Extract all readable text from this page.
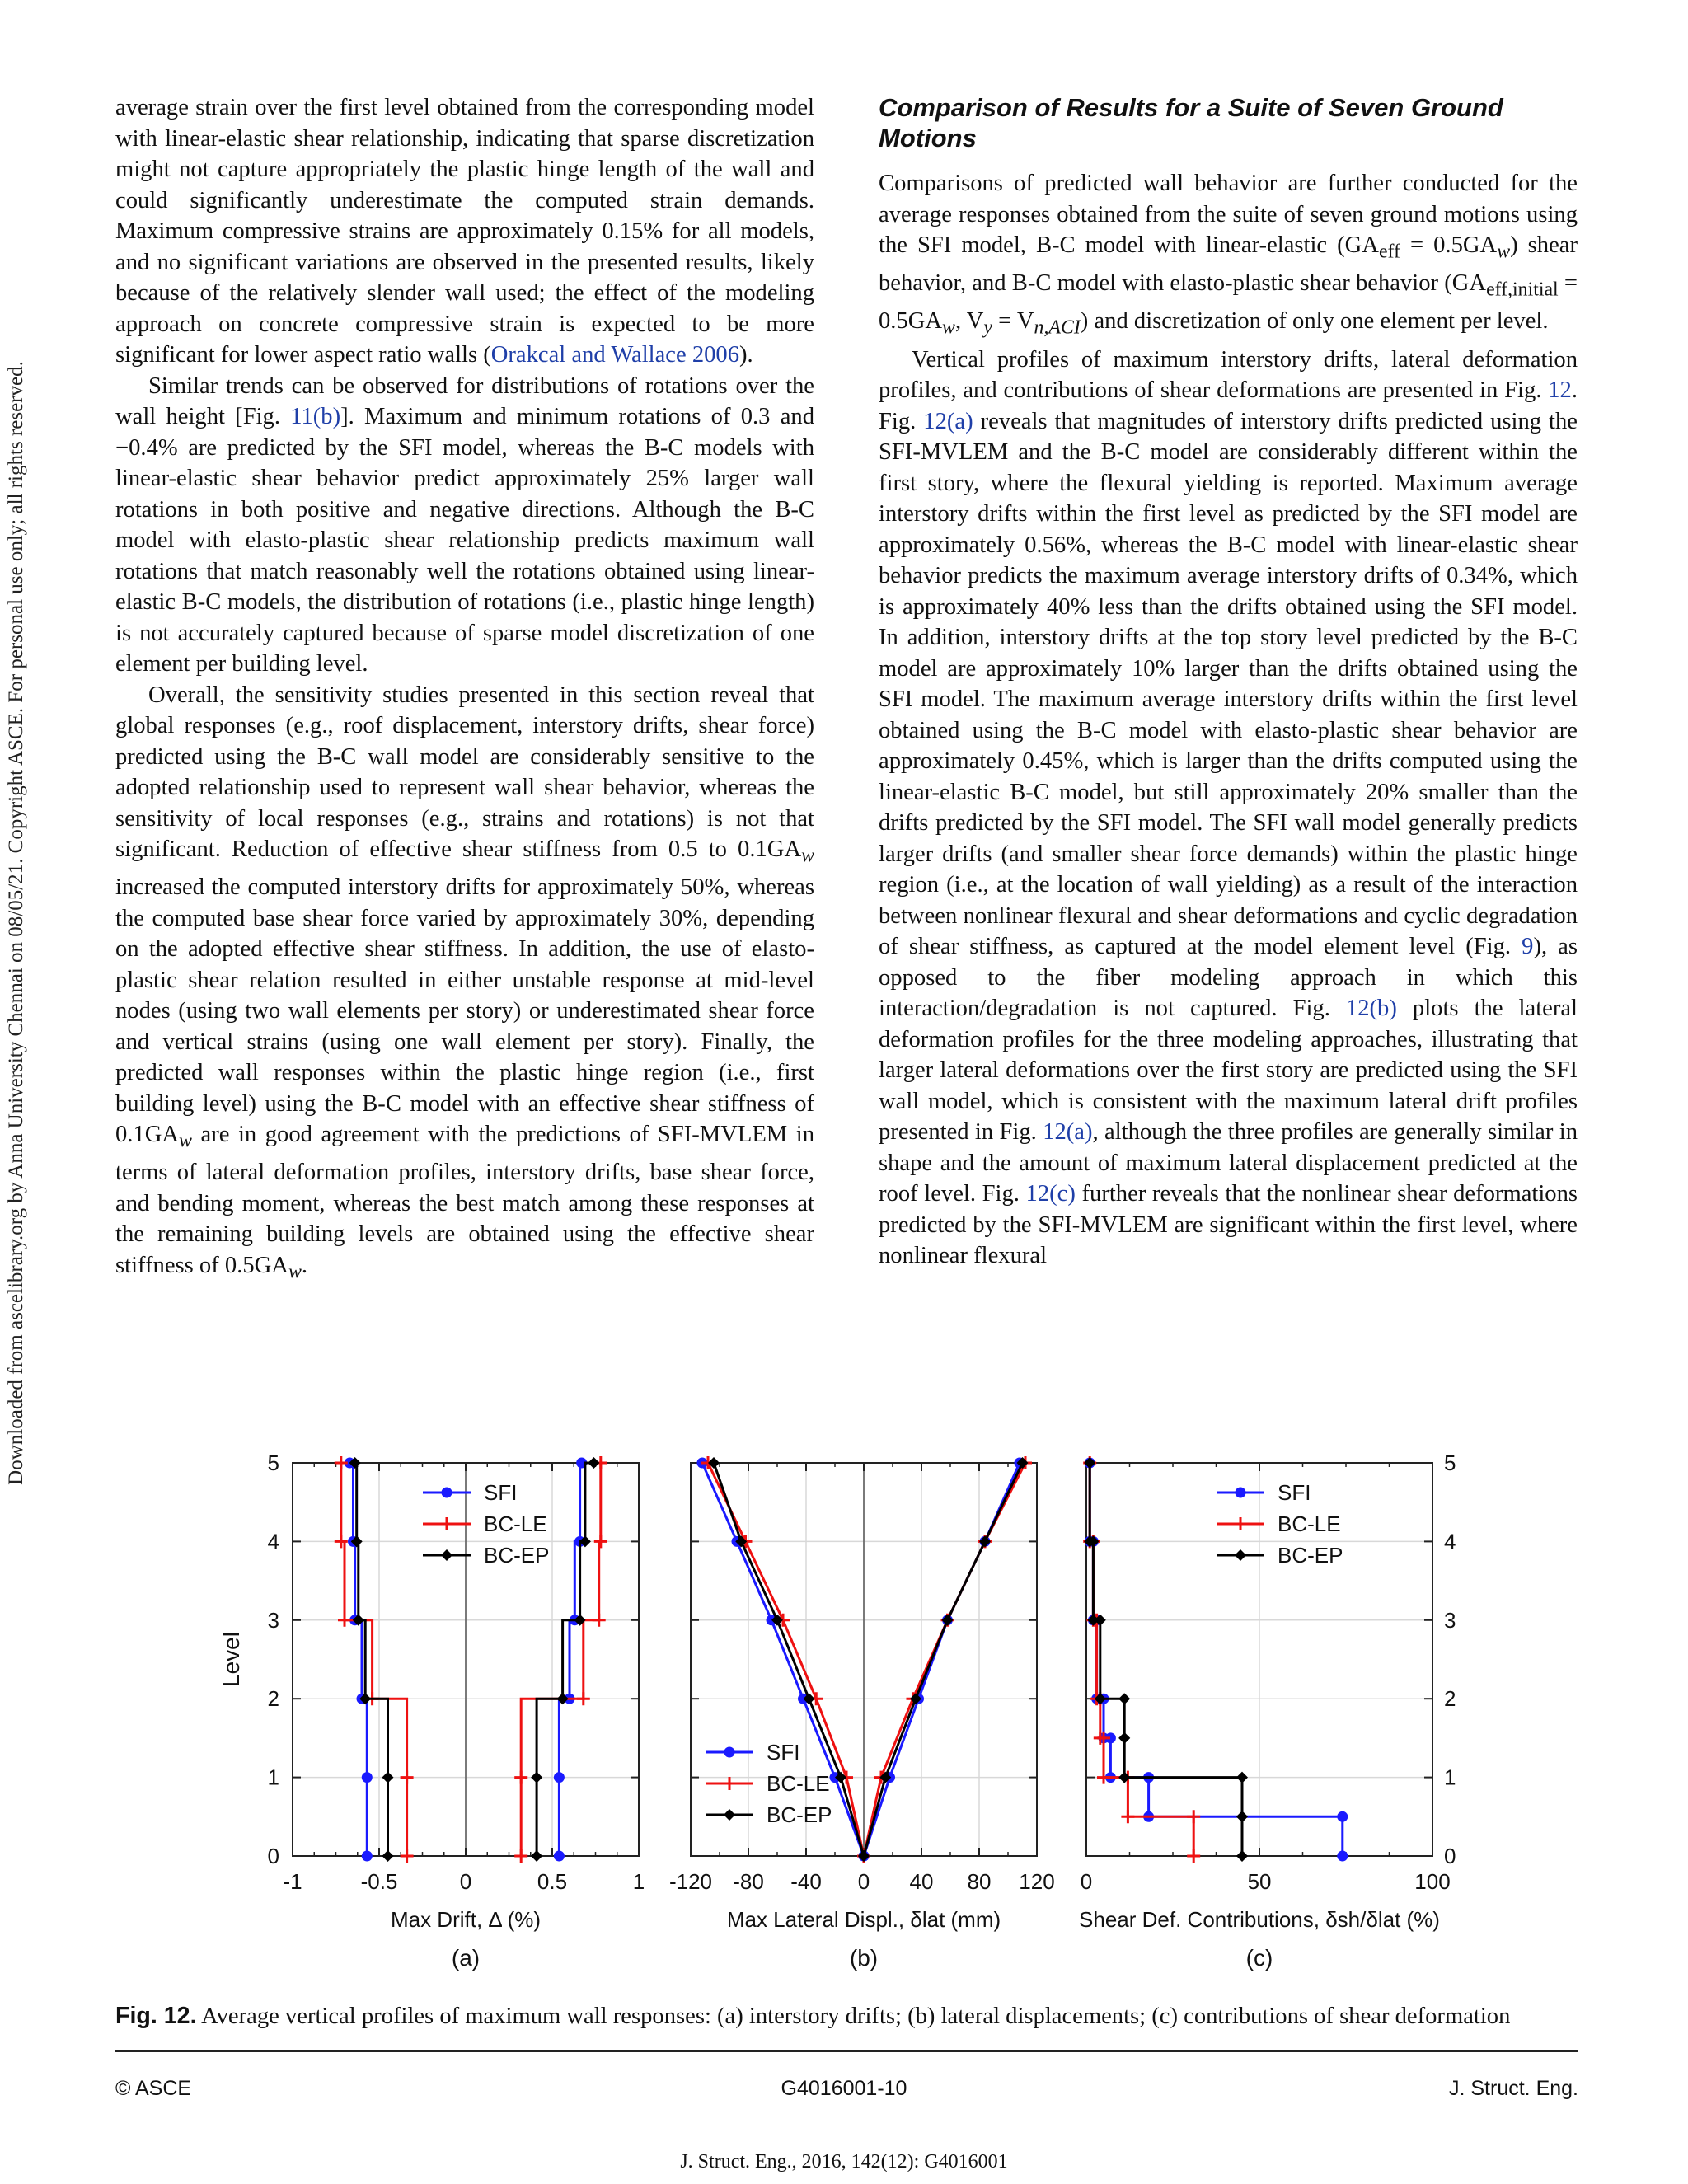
Downloaded from ascelibrary.org by Anna University Chennai on 08/05/21. Copyright ASCE. For personal use only; all rights reserved.

average strain over the first level obtained from the corresponding model with linear-elastic shear relationship, indicating that sparse discretization might not capture appropriately the plastic hinge length of the wall and could significantly underestimate the computed strain demands. Maximum compressive strains are approximately 0.15% for all models, and no significant variations are observed in the presented results, likely because of the relatively slender wall used; the effect of the modeling approach on concrete compressive strain is expected to be more significant for lower aspect ratio walls (Orakcal and Wallace 2006).

Similar trends can be observed for distributions of rotations over the wall height [Fig. 11(b)]. Maximum and minimum rotations of 0.3 and −0.4% are predicted by the SFI model, whereas the B-C models with linear-elastic shear behavior predict approximately 25% larger wall rotations in both positive and negative directions. Although the B-C model with elasto-plastic shear relationship predicts maximum wall rotations that match reasonably well the rotations obtained using linear-elastic B-C models, the distribution of rotations (i.e., plastic hinge length) is not accurately captured because of sparse model discretization of one element per building level.

Overall, the sensitivity studies presented in this section reveal that global responses (e.g., roof displacement, interstory drifts, shear force) predicted using the B-C wall model are considerably sensitive to the adopted relationship used to represent wall shear behavior, whereas the sensitivity of local responses (e.g., strains and rotations) is not that significant. Reduction of effective shear stiffness from 0.5 to $0.1GA_w$ increased the computed interstory drifts for approximately 50%, whereas the computed base shear force varied by approximately 30%, depending on the adopted effective shear stiffness. In addition, the use of elasto-plastic shear relation resulted in either unstable response at mid-level nodes (using two wall elements per story) or underestimated shear force and vertical strains (using one wall element per story). Finally, the predicted wall responses within the plastic hinge region (i.e., first building level) using the B-C model with an effective shear stiffness of $0.1GA_w$ are in good agreement with the predictions of SFI-MVLEM in terms of lateral deformation profiles, interstory drifts, base shear force, and bending moment, whereas the best match among these responses at the remaining building levels are obtained using the effective shear stiffness of $0.5GA_w$.

Comparison of Results for a Suite of Seven Ground Motions

Comparisons of predicted wall behavior are further conducted for the average responses obtained from the suite of seven ground motions using the SFI model, B-C model with linear-elastic $(GA_{eff} = 0.5GA_w)$ shear behavior, and B-C model with elasto-plastic shear behavior ($GA_{eff,initial} = 0.5GA_w$, $V_y = V_{n,ACI}$) and discretization of only one element per level.

Vertical profiles of maximum interstory drifts, lateral deformation profiles, and contributions of shear deformations are presented in Fig. 12. Fig. 12(a) reveals that magnitudes of interstory drifts predicted using the SFI-MVLEM and the B-C model are considerably different within the first story, where the flexural yielding is reported. Maximum average interstory drifts within the first level as predicted by the SFI model are approximately 0.56%, whereas the B-C model with linear-elastic shear behavior predicts the maximum average interstory drifts of 0.34%, which is approximately 40% less than the drifts obtained using the SFI model. In addition, interstory drifts at the top story level predicted by the B-C model are approximately 10% larger than the drifts obtained using the SFI model. The maximum average interstory drifts within the first level obtained using the B-C model with elasto-plastic shear behavior are approximately 0.45%, which is larger than the drifts computed using the linear-elastic B-C model, but still approximately 20% smaller than the drifts predicted by the SFI model. The SFI wall model generally predicts larger drifts (and smaller shear force demands) within the plastic hinge region (i.e., at the location of wall yielding) as a result of the interaction between nonlinear flexural and shear deformations and cyclic degradation of shear stiffness, as captured at the model element level (Fig. 9), as opposed to the fiber modeling approach in which this interaction/degradation is not captured. Fig. 12(b) plots the lateral deformation profiles for the three modeling approaches, illustrating that larger lateral deformations over the first story are predicted using the SFI wall model, which is consistent with the maximum lateral drift profiles presented in Fig. 12(a), although the three profiles are generally similar in shape and the amount of maximum lateral displacement predicted at the roof level. Fig. 12(c) further reveals that the nonlinear shear deformations predicted by the SFI-MVLEM are significant within the first level, where nonlinear flexural

-1	-0.5	0	0.5	1
0
1
2
3
4
5
Max Drift, Δ (%)
(a)
SFI
BC-LE
BC-EP
-120 -80 -40 0 40 80 120
Max Lateral Displ., δlat (mm)
(b)
SFI
BC-LE
BC-EP
0	50	100
0
1
2
3
4
5
Shear Def. Contributions, δsh/δlat (%)
(c)
SFI
BC-LE
BC-EP
Level
Fig. 12. Average vertical profiles of maximum wall responses: (a) interstory drifts; (b) lateral displacements; (c) contributions of shear deformation
© ASCE	G4016001-10	J. Struct. Eng.
J. Struct. Eng., 2016, 142(12): G4016001
